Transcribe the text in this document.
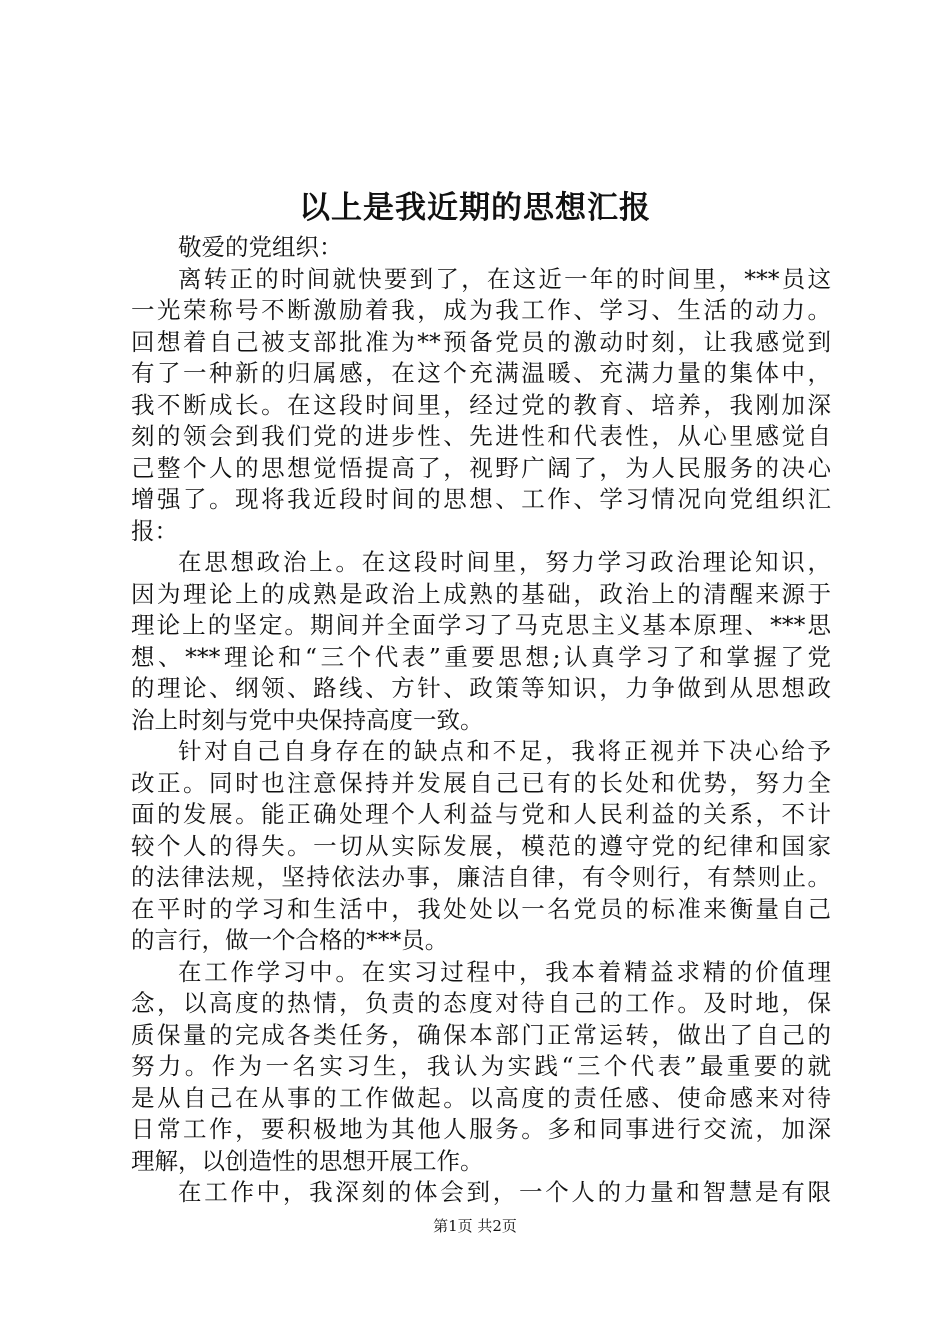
以上是我近期的思想汇报
敬爱的党组织：
离转正的时间就快要到了，在这近一年的时间里，***员这
一光荣称号不断激励着我，成为我工作、学习、生活的动力。
回想着自己被支部批准为**预备党员的激动时刻，让我感觉到
有了一种新的归属感，在这个充满温暖、充满力量的集体中，
我不断成长。在这段时间里，经过党的教育、培养，我刚加深
刻的领会到我们党的进步性、先进性和代表性，从心里感觉自
己整个人的思想觉悟提高了，视野广阔了，为人民服务的决心
增强了。现将我近段时间的思想、工作、学习情况向党组织汇
报：
在思想政治上。在这段时间里，努力学习政治理论知识，
因为理论上的成熟是政治上成熟的基础，政治上的清醒来源于
理论上的坚定。期间并全面学习了马克思主义基本原理、***思
想、***理论和“三个代表”重要思想;认真学习了和掌握了党
的理论、纲领、路线、方针、政策等知识，力争做到从思想政
治上时刻与党中央保持高度一致。
针对自己自身存在的缺点和不足，我将正视并下决心给予
改正。同时也注意保持并发展自己已有的长处和优势，努力全
面的发展。能正确处理个人利益与党和人民利益的关系，不计
较个人的得失。一切从实际发展，模范的遵守党的纪律和国家
的法律法规，坚持依法办事，廉洁自律，有令则行，有禁则止。
在平时的学习和生活中，我处处以一名党员的标准来衡量自己
的言行，做一个合格的***员。
在工作学习中。在实习过程中，我本着精益求精的价值理
念，以高度的热情，负责的态度对待自己的工作。及时地，保
质保量的完成各类任务，确保本部门正常运转，做出了自己的
努力。作为一名实习生，我认为实践“三个代表”最重要的就
是从自己在从事的工作做起。以高度的责任感、使命感来对待
日常工作，要积极地为其他人服务。多和同事进行交流，加深
理解，以创造性的思想开展工作。
在工作中，我深刻的体会到，一个人的力量和智慧是有限
第1页 共2页
